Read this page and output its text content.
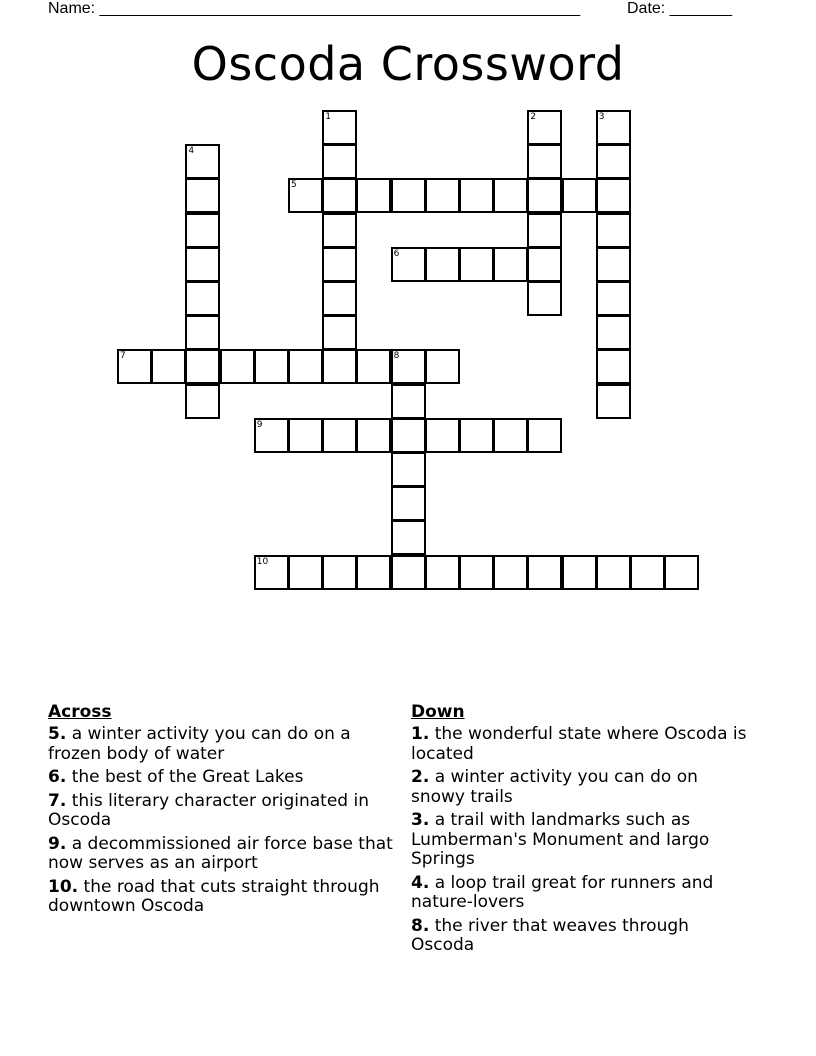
Name: ______________________________________________________	Date: _______
Oscoda Crossword
1	2	3
4
5
6
7	8
9
10
Across
5. a winter activity you can do on a frozen body of water
6. the best of the Great Lakes
7. this literary character originated in Oscoda
9. a decommissioned air force base that now serves as an airport
10. the road that cuts straight through downtown Oscoda
Down
1. the wonderful state where Oscoda is located
2. a winter activity you can do on snowy trails
3. a trail with landmarks such as Lumberman's Monument and Iargo Springs
4. a loop trail great for runners and nature-lovers
8. the river that weaves through Oscoda
